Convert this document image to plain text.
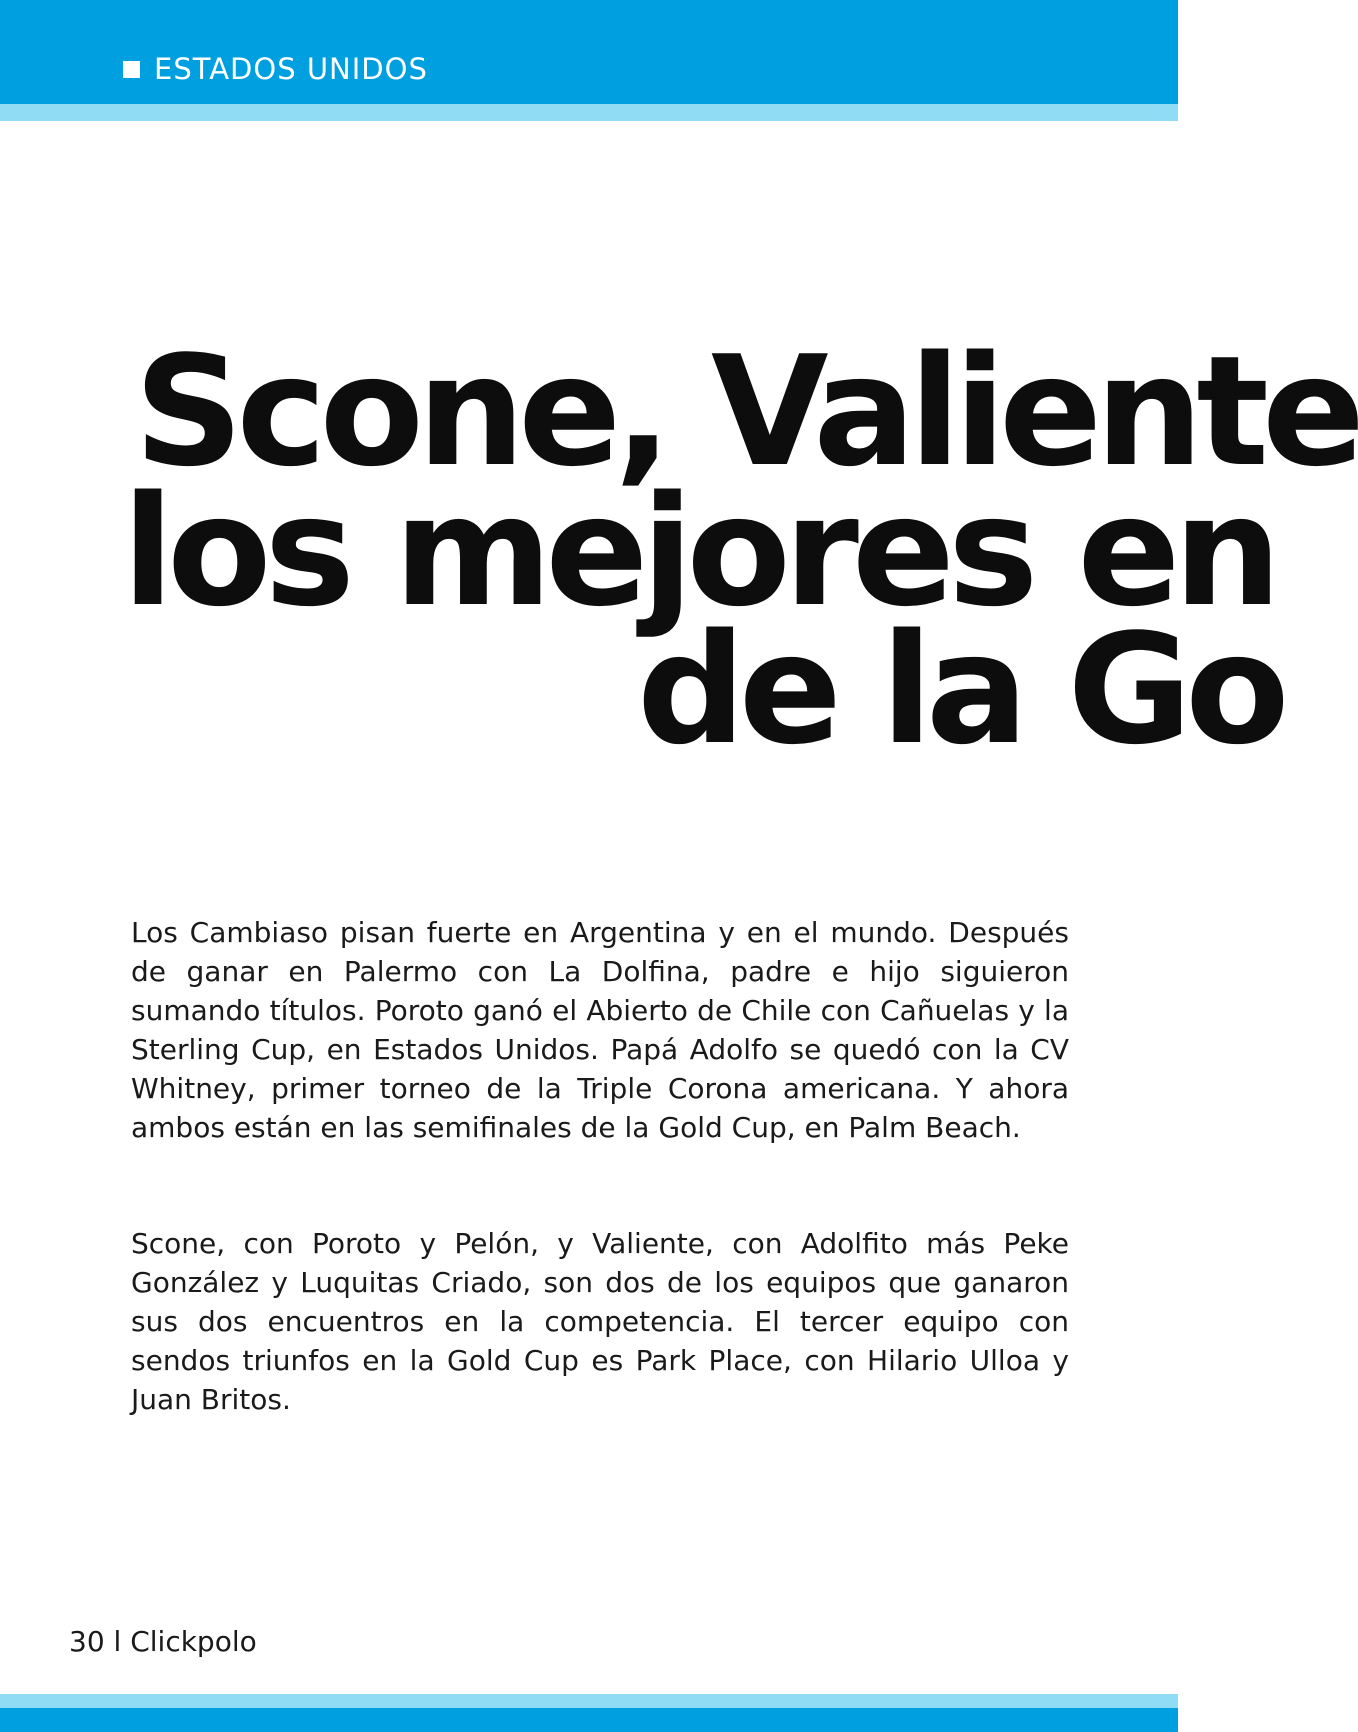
ESTADOS UNIDOS
Scone, Valiente
los mejores en
de la Go

Los Cambiaso pisan fuerte en Argentina y en el mundo. Después de ganar en Palermo con La Dolfina, padre e hijo siguieron sumando títulos. Poroto ganó el Abierto de Chile con Cañuelas y la Sterling Cup, en Estados Unidos. Papá Adolfo se quedó con la CV Whitney, primer torneo de la Triple Corona americana. Y ahora ambos están en las semifinales de la Gold Cup, en Palm Beach.

Scone, con Poroto y Pelón, y Valiente, con Adolfito más Peke González y Luquitas Criado, son dos de los equipos que ganaron sus dos encuentros en la competencia. El tercer equipo con sendos triunfos en la Gold Cup es Park Place, con Hilario Ulloa y Juan Britos.

30 l Clickpolo
